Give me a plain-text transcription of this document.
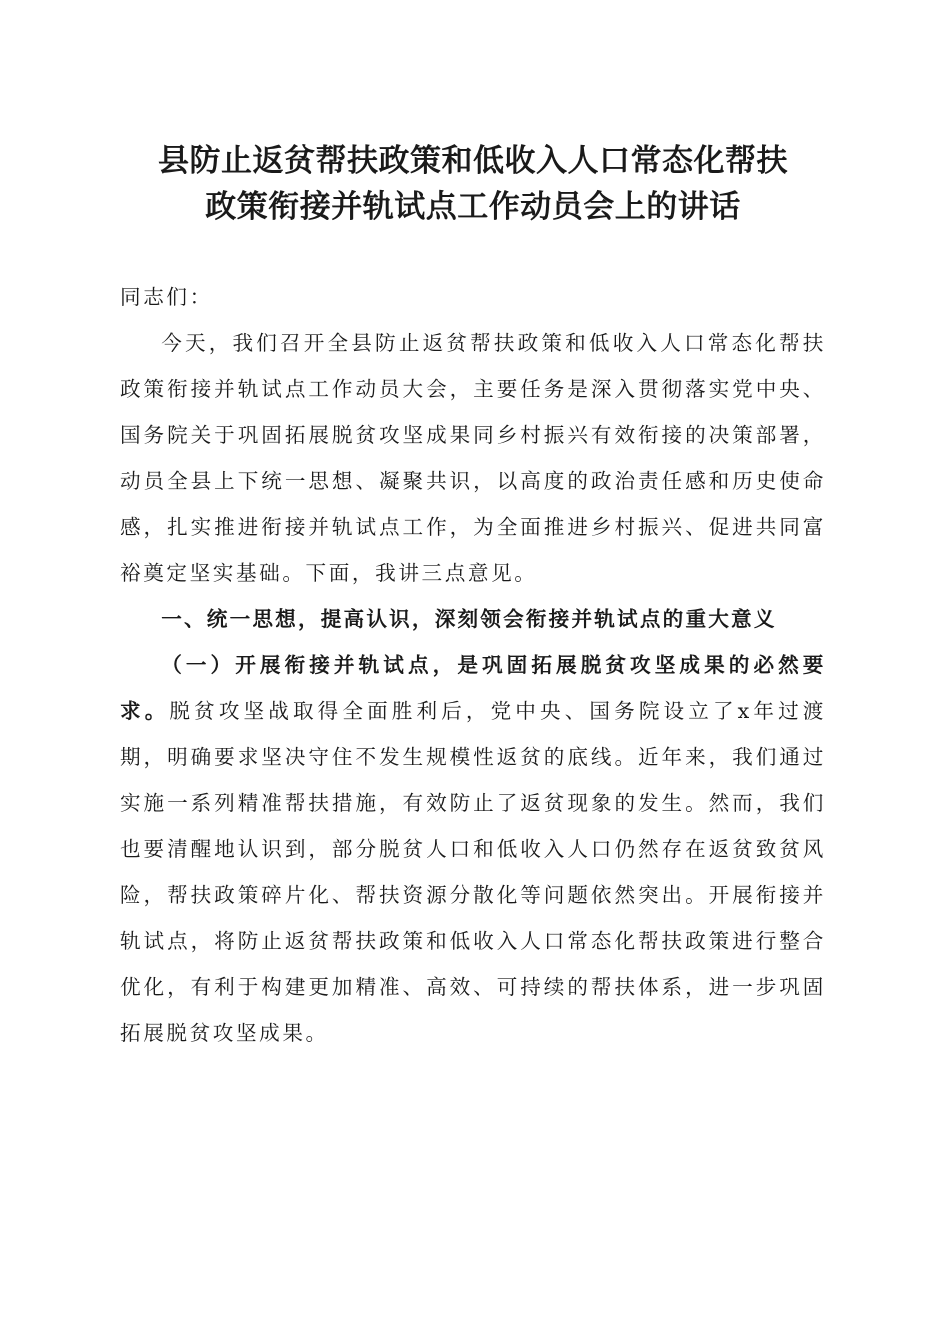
县防止返贫帮扶政策和低收入人口常态化帮扶
政策衔接并轨试点工作动员会上的讲话

同志们：

今天，我们召开全县防止返贫帮扶政策和低收入人口常态化帮扶政策衔接并轨试点工作动员大会，主要任务是深入贯彻落实党中央、国务院关于巩固拓展脱贫攻坚成果同乡村振兴有效衔接的决策部署，动员全县上下统一思想、凝聚共识，以高度的政治责任感和历史使命感，扎实推进衔接并轨试点工作，为全面推进乡村振兴、促进共同富裕奠定坚实基础。下面，我讲三点意见。

一、统一思想，提高认识，深刻领会衔接并轨试点的重大意义

（一）开展衔接并轨试点，是巩固拓展脱贫攻坚成果的必然要求。脱贫攻坚战取得全面胜利后，党中央、国务院设立了x年过渡期，明确要求坚决守住不发生规模性返贫的底线。近年来，我们通过实施一系列精准帮扶措施，有效防止了返贫现象的发生。然而，我们也要清醒地认识到，部分脱贫人口和低收入人口仍然存在返贫致贫风险，帮扶政策碎片化、帮扶资源分散化等问题依然突出。开展衔接并轨试点，将防止返贫帮扶政策和低收入人口常态化帮扶政策进行整合优化，有利于构建更加精准、高效、可持续的帮扶体系，进一步巩固拓展脱贫攻坚成果。
